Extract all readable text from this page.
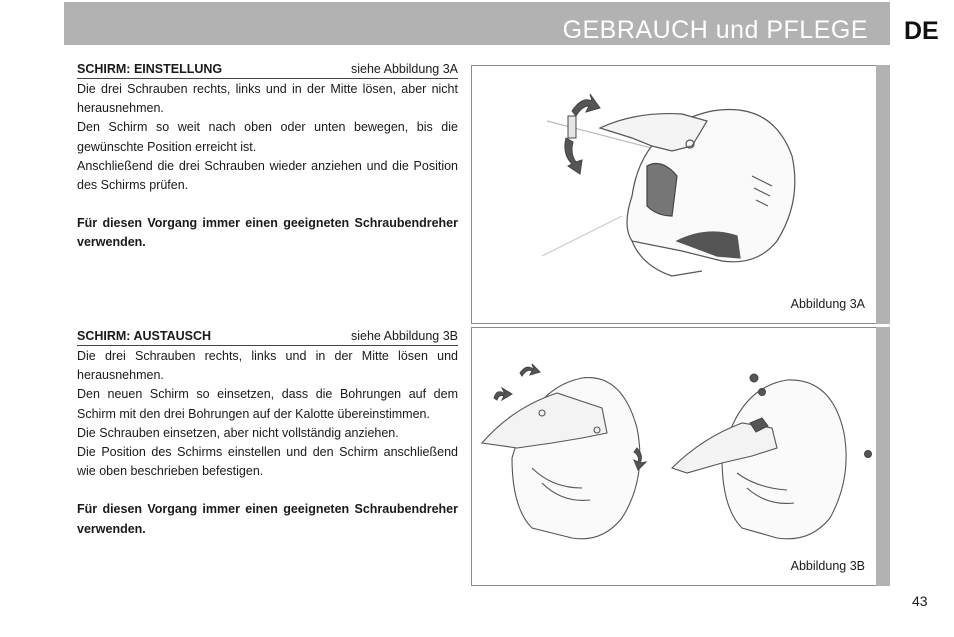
GEBRAUCH und PFLEGE DE
SCHIRM: EINSTELLUNG	siehe Abbildung 3A

Die drei Schrauben rechts, links und in der Mitte lösen, aber nicht herausnehmen.

Den Schirm so weit nach oben oder unten bewegen, bis die gewünschte Position erreicht ist.

Anschließend die drei Schrauben wieder anziehen und die Position des Schirms prüfen.

Für diesen Vorgang immer einen geeigneten Schraubendreher verwenden.

SCHIRM: AUSTAUSCH	siehe Abbildung 3B

Die drei Schrauben rechts, links und in der Mitte lösen und herausnehmen.

Den neuen Schirm so einsetzen, dass die Bohrungen auf dem Schirm mit den drei Bohrungen auf der Kalotte übereinstimmen.

Die Schrauben einsetzen, aber nicht vollständig anziehen.

Die Position des Schirms einstellen und den Schirm anschließend wie oben beschrieben befestigen.

Für diesen Vorgang immer einen geeigneten Schraubendreher verwenden.

Abbildung 3A
Abbildung 3B
43
